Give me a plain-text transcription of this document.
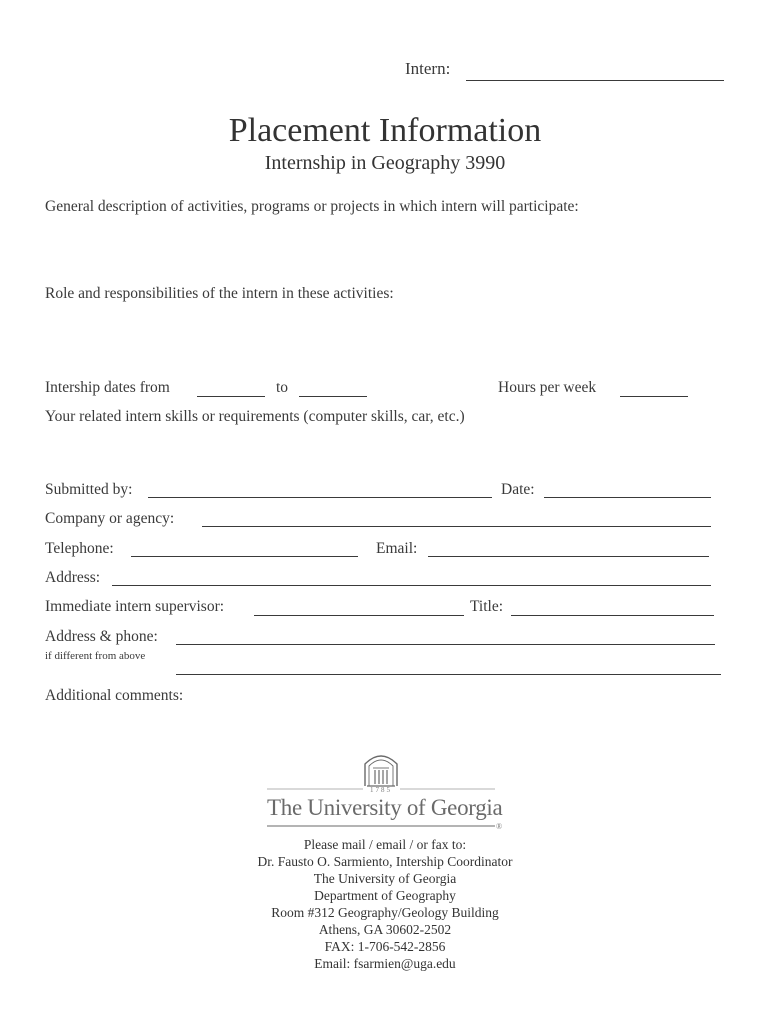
Intern:
Placement Information
Internship in Geography 3990
General description of activities, programs or projects in which intern will participate:
Role and responsibilities of the intern in these activities:
Intership dates from	to	Hours per week
Your related intern skills or requirements (computer skills, car, etc.)
Submitted by:	Date:
Company or agency:
Telephone:	Email:
Address:
Immediate intern supervisor:	Title:
Address & phone:
if different from above
Additional comments:
1785
The University of Georgia
®
Please mail / email / or fax to:
Dr. Fausto O. Sarmiento, Intership Coordinator
The University of Georgia
Department of Geography
Room #312 Geography/Geology Building
Athens, GA 30602-2502
FAX: 1-706-542-2856
Email: fsarmien@uga.edu
